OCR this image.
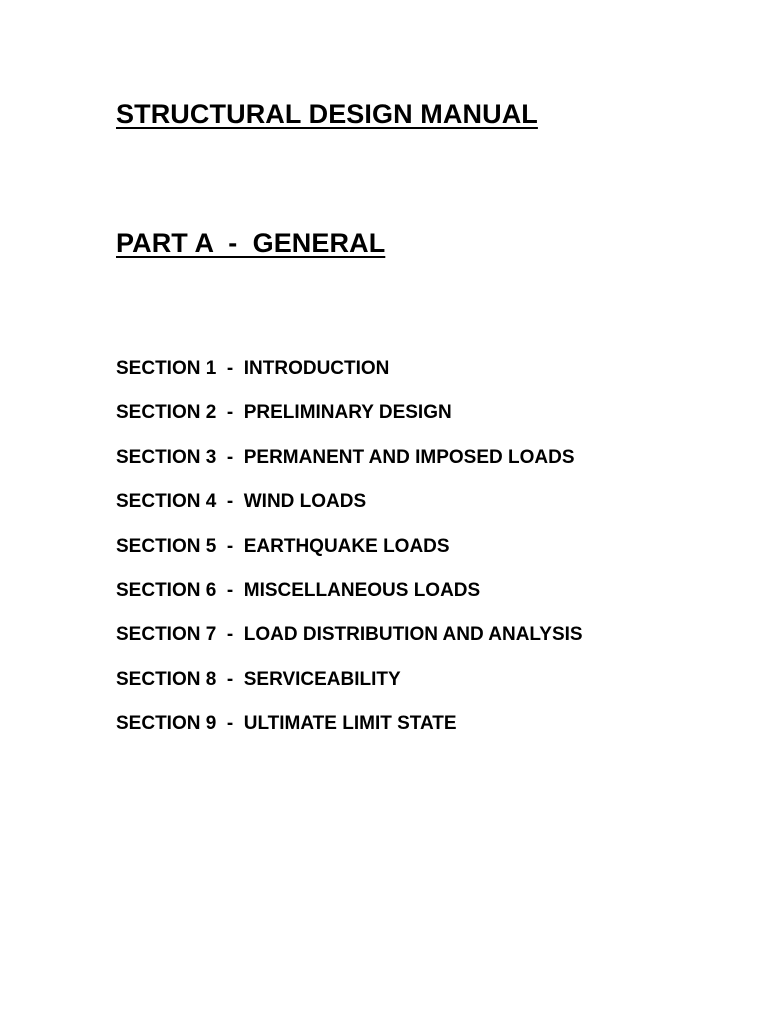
STRUCTURAL DESIGN MANUAL
PART A  -  GENERAL
SECTION 1  -  INTRODUCTION
SECTION 2  -  PRELIMINARY DESIGN
SECTION 3  -  PERMANENT AND IMPOSED LOADS
SECTION 4  -  WIND LOADS
SECTION 5  -  EARTHQUAKE LOADS
SECTION 6  -  MISCELLANEOUS LOADS
SECTION 7  -  LOAD DISTRIBUTION AND ANALYSIS
SECTION 8  -  SERVICEABILITY
SECTION 9  -  ULTIMATE LIMIT STATE
